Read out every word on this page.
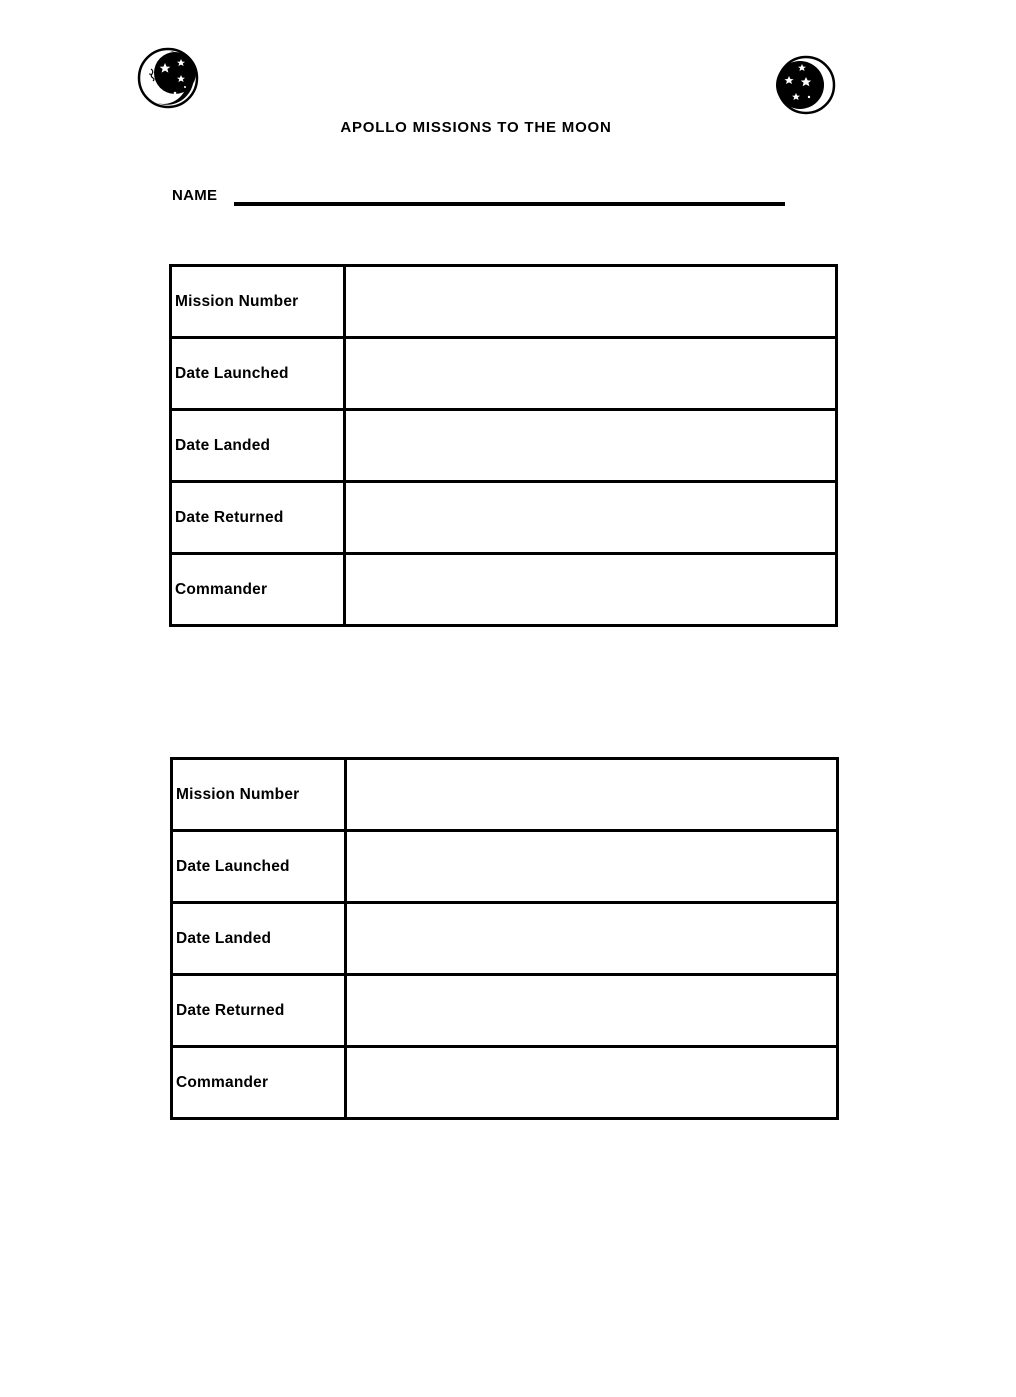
APOLLO MISSIONS TO THE MOON
NAME
Mission Number	
Date Launched	
Date Landed	
Date Returned	
Commander	
Mission Number	
Date Launched	
Date Landed	
Date Returned	
Commander	
